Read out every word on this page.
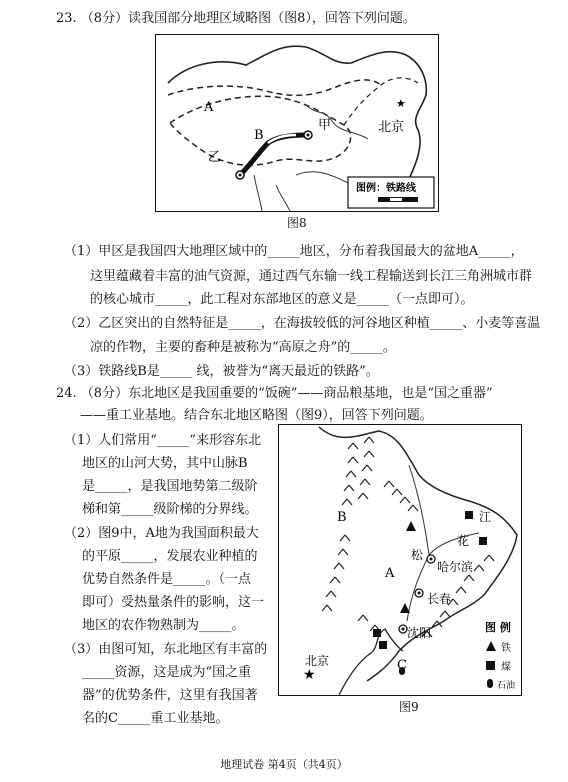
23. （8分）读我国部分地理区域略图（图8），回答下列问题。
★
A
B
乙
甲	北京
图例：铁路线
图8
（1）甲区是我国四大地理区域中的_____地区，分布着我国最大的盆地A_____，
这里蕴藏着丰富的油气资源，通过西气东输一线工程输送到长江三角洲城市群
的核心城市_____，此工程对东部地区的意义是_____（一点即可）。
（2）乙区突出的自然特征是_____，在海拔较低的河谷地区种植_____、小麦等喜温
凉的作物，主要的畜种是被称为“高原之舟”的_____。
（3）铁路线B是_____ 线，被誉为“离天最近的铁路”。
24. （8分）东北地区是我国重要的“饭碗”——商品粮基地，也是“国之重器”
——重工业基地。结合东北地区略图（图9），回答下列问题。
（1）人们常用“_____”来形容东北
地区的山河大势，其中山脉B
是_____，是我国地势第二级阶
梯和第_____级阶梯的分界线。
（2）图9中，A地为我国面积最大
的平原_____，发展农业种植的
优势自然条件是_____。（一点
即可）受热量条件的影响，这一
地区的农作物熟制为_____。
（3）由图可知，东北地区有丰富的
_____资源，这是成为“国之重
器”的优势条件，这里有我国著
名的C_____重工业基地。
★
B
A
C
江
松
花
哈尔滨
长春
沈阳
北京
图 例
铁
煤
石油
图9
地理试卷 第4页（共4页）
